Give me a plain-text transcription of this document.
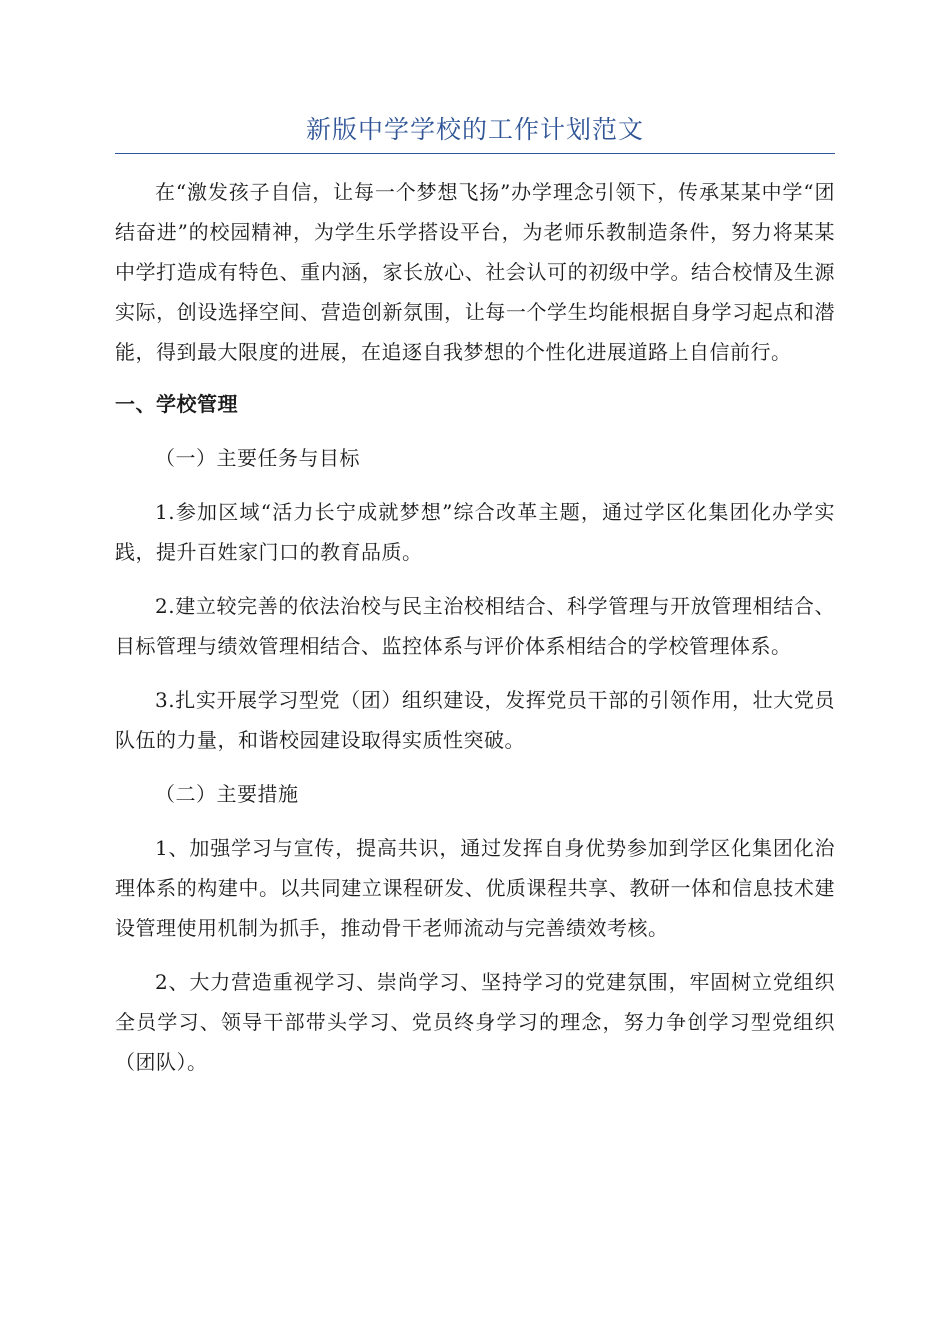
新版中学学校的工作计划范文

在“激发孩子自信，让每一个梦想飞扬”办学理念引领下，传承某某中学“团结奋进”的校园精神，为学生乐学搭设平台，为老师乐教制造条件，努力将某某中学打造成有特色、重内涵，家长放心、社会认可的初级中学。结合校情及生源实际，创设选择空间、营造创新氛围，让每一个学生均能根据自身学习起点和潜能，得到最大限度的进展，在追逐自我梦想的个性化进展道路上自信前行。

一、学校管理
（一）主要任务与目标

1.参加区域“活力长宁成就梦想”综合改革主题，通过学区化集团化办学实践，提升百姓家门口的教育品质。

2.建立较完善的依法治校与民主治校相结合、科学管理与开放管理相结合、目标管理与绩效管理相结合、监控体系与评价体系相结合的学校管理体系。

3.扎实开展学习型党（团）组织建设，发挥党员干部的引领作用，壮大党员队伍的力量，和谐校园建设取得实质性突破。

（二）主要措施

1、加强学习与宣传，提高共识，通过发挥自身优势参加到学区化集团化治理体系的构建中。以共同建立课程研发、优质课程共享、教研一体和信息技术建设管理使用机制为抓手，推动骨干老师流动与完善绩效考核。

2、大力营造重视学习、崇尚学习、坚持学习的党建氛围，牢固树立党组织全员学习、领导干部带头学习、党员终身学习的理念，努力争创学习型党组织（团队）。
